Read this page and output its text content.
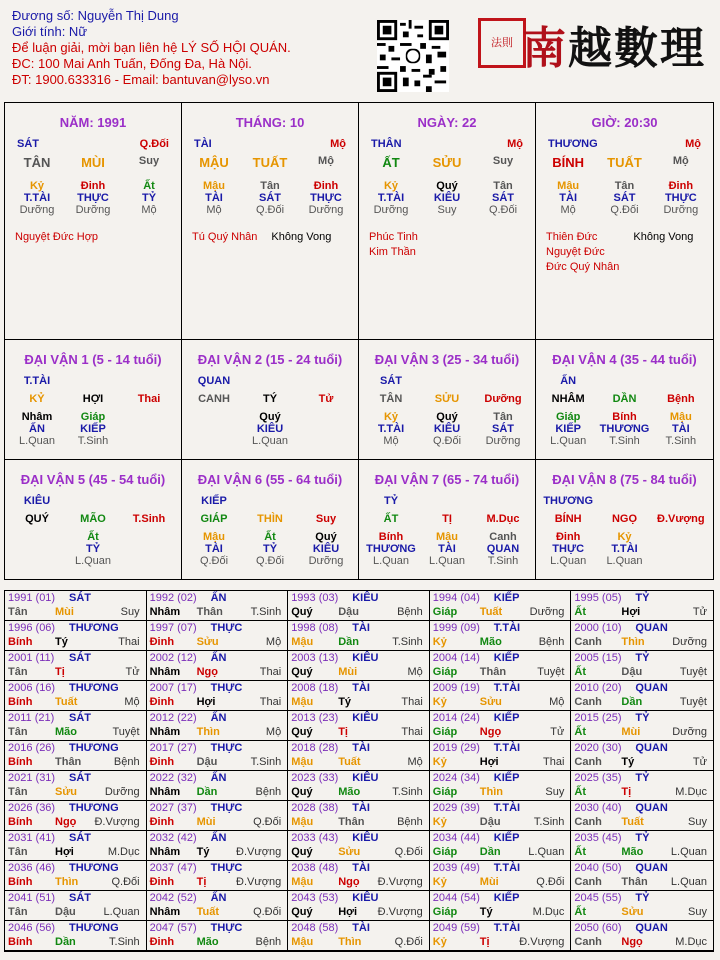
Đương số: Nguyễn Thị Dung
Giới tính: Nữ
Để luận giải, mời bạn liên hệ LÝ SỐ HỘI QUÁN.
ĐC: 100 Mai Anh Tuấn, Đống Đa, Hà Nội.
ĐT: 1900.633316 - Email: bantuvan@lyso.vn
法則 南越數理
NĂM: 1991
SÁT	Q.Đối
TÂN	MÙI	Suy
Kỷ	Đinh	Ất
T.TÀI	THỰC	TỶ
Dưỡng	Dưỡng	Mộ
Nguyệt Đức Hợp
THÁNG: 10
TÀI	Mộ
MẬU	TUẤT	Mộ
Mậu	Tân	Đinh
TÀI	SÁT	THỰC
Mộ	Q.Đối	Dưỡng
Tú Quý Nhân Không Vong
NGÀY: 22
THÂN	Mộ
ẤT	SỬU	Suy
Kỷ	Quý	Tân
T.TÀI	KIÊU	SÁT
Dưỡng	Suy	Q.Đối
Phúc Tinh
Kim Thần
GIỜ: 20:30
THƯƠNG	Mộ
BÍNH	TUẤT	Mộ
Mậu	Tân	Đinh
TÀI	SÁT	THỰC
Mộ	Q.Đối	Dưỡng
Thiên Đức
Nguyệt Đức
Đức Quý Nhân
Không Vong
ĐẠI VẬN 1 (5 - 14 tuổi)
T.TÀI
KỶ	HỢI	Thai
Nhâm	Giáp
ẤN	KIẾP
L.Quan	T.Sinh
ĐẠI VẬN 2 (15 - 24 tuổi)
QUAN
CANH	TÝ	Tử
Quý
KIÊU
L.Quan
ĐẠI VẬN 3 (25 - 34 tuổi)
SÁT
TÂN	SỬU	Dưỡng
Kỷ	Quý	Tân
T.TÀI	KIÊU	SÁT
Mộ	Q.Đối	Dưỡng
ĐẠI VẬN 4 (35 - 44 tuổi)
ẤN
NHÂM	DẦN	Bệnh
Giáp	Bính	Mậu
KIẾP	THƯƠNG	TÀI
L.Quan	T.Sinh	T.Sinh
ĐẠI VẬN 5 (45 - 54 tuổi)
KIÊU
QUÝ	MÃO	T.Sinh
Ất
TỶ
L.Quan
ĐẠI VẬN 6 (55 - 64 tuổi)
KIẾP
GIÁP	THÌN	Suy
Mậu	Ất	Quý
TÀI	TỶ	KIÊU
Q.Đối	Q.Đối	Dưỡng
ĐẠI VẬN 7 (65 - 74 tuổi)
TỶ
ẤT	TỊ	M.Dục
Bính	Mậu	Canh
THƯƠNG	TÀI	QUAN
L.Quan	L.Quan	T.Sinh
ĐẠI VẬN 8 (75 - 84 tuổi)
THƯƠNG
BÍNH	NGỌ	Đ.Vượng
Đinh	Kỷ
THỰC	T.TÀI
L.Quan	L.Quan
1991 (01) SÁT
Tân Mùi	Suy
1992 (02) ẤN
Nhâm Thân	T.Sinh
1993 (03) KIÊU
Quý Dậu	Bệnh
1994 (04) KIẾP
Giáp Tuất Dưỡng
1995 (05) TỶ
Ất	Hợi	Tử
1996 (06) THƯƠNG
Bính Tý	Thai
1997 (07) THỰC
Đinh Sửu	Mộ
1998 (08) TÀI
Mậu Dần	T.Sinh
1999 (09) T.TÀI
Kỷ	Mão	Bệnh
2000 (10) QUAN
Canh Thìn	Dưỡng
2001 (11) SÁT
Tân Tị	Tử
2002 (12) ẤN
Nhâm Ngọ	Thai
2003 (13) KIÊU
Quý Mùi	Mộ
2004 (14) KIẾP
Giáp Thân	Tuyệt
2005 (15) TỶ
Ất	Dậu	Tuyệt
2006 (16) THƯƠNG
Bính Tuất	Mộ
2007 (17) THỰC
Đinh Hợi	Thai
2008 (18) TÀI
Mậu Tý	Thai
2009 (19) T.TÀI
Kỷ	Sửu	Mộ
2010 (20) QUAN
Canh Dần	Tuyệt
2011 (21) SÁT
Tân Mão	Tuyệt
2012 (22) ẤN
Nhâm Thìn	Mộ
2013 (23) KIÊU
Quý Tị	Thai
2014 (24) KIẾP
Giáp Ngọ	Tử
2015 (25) TỶ
Ất	Mùi	Dưỡng
2016 (26) THƯƠNG
Bính Thân	Bệnh
2017 (27) THỰC
Đinh Dậu	T.Sinh
2018 (28) TÀI
Mậu Tuất	Mộ
2019 (29) T.TÀI
Kỷ	Hợi	Thai
2020 (30) QUAN
Canh Tý	Tử
2021 (31) SÁT
Tân Sửu	Dưỡng
2022 (32) ẤN
Nhâm Dần	Bệnh
2023 (33) KIÊU
Quý Mão	T.Sinh
2024 (34) KIẾP
Giáp Thìn	Suy
2025 (35) TỶ
Ất	Tị	M.Dục
2026 (36) THƯƠNG
Bính Ngọ Đ.Vượng
2027 (37) THỰC
Đinh Mùi	Q.Đối
2028 (38) TÀI
Mậu Thân	Bệnh
2029 (39) T.TÀI
Kỷ	Dậu	T.Sinh
2030 (40) QUAN
Canh Tuất	Suy
2031 (41) SÁT
Tân Hợi	M.Dục
2032 (42) ẤN
Nhâm Tý Đ.Vượng
2033 (43) KIÊU
Quý Sửu	Q.Đối
2034 (44) KIẾP
Giáp Dần	L.Quan
2035 (45) TỶ
Ất	Mão	L.Quan
2036 (46) THƯƠNG
Bính Thìn	Q.Đối
2037 (47) THỰC
Đinh Tị	Đ.Vượng
2038 (48) TÀI
Mậu Ngọ Đ.Vượng
2039 (49) T.TÀI
Kỷ	Mùi	Q.Đối
2040 (50) QUAN
Canh Thân L.Quan
2041 (51) SÁT
Tân Dậu	L.Quan
2042 (52) ẤN
Nhâm Tuất	Q.Đối
2043 (53) KIÊU
Quý Hợi Đ.Vượng
2044 (54) KIẾP
Giáp Tý	M.Dục
2045 (55) TỶ
Ất	Sửu	Suy
2046 (56) THƯƠNG
Bính Dần	T.Sinh
2047 (57) THỰC
Đinh Mão	Bệnh
2048 (58) TÀI
Mậu Thìn	Q.Đối
2049 (59) T.TÀI
Kỷ	Tị	Đ.Vượng
2050 (60) QUAN
Canh Ngọ	M.Dục
